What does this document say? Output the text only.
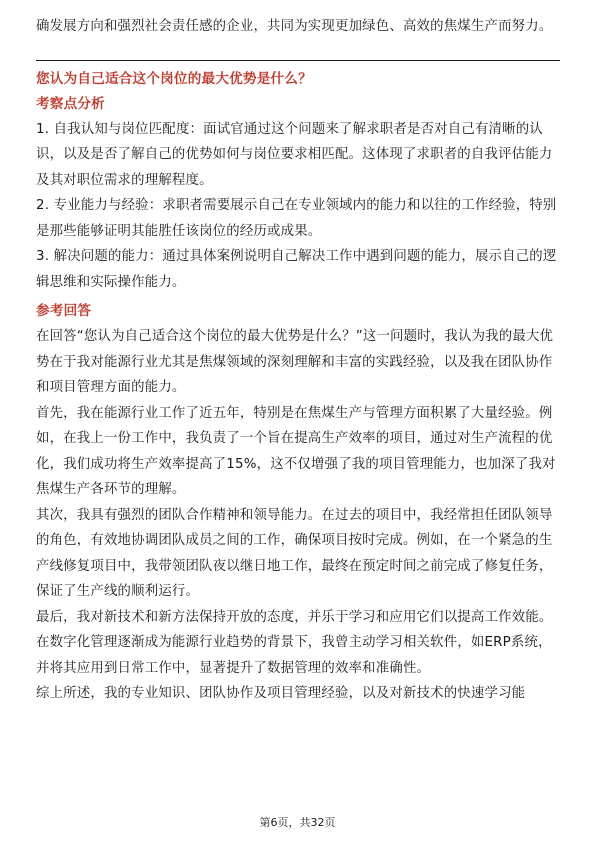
确发展方向和强烈社会责任感的企业，共同为实现更加绿色、高效的焦煤生产而努力。

您认为自己适合这个岗位的最大优势是什么？

考察点分析

1. 自我认知与岗位匹配度：面试官通过这个问题来了解求职者是否对自己有清晰的认识，以及是否了解自己的优势如何与岗位要求相匹配。这体现了求职者的自我评估能力及其对职位需求的理解程度。

2. 专业能力与经验：求职者需要展示自己在专业领域内的能力和以往的工作经验，特别是那些能够证明其能胜任该岗位的经历或成果。

3. 解决问题的能力：通过具体案例说明自己解决工作中遇到问题的能力，展示自己的逻辑思维和实际操作能力。

参考回答

在回答“您认为自己适合这个岗位的最大优势是什么？”这一问题时，我认为我的最大优势在于我对能源行业尤其是焦煤领域的深刻理解和丰富的实践经验，以及我在团队协作和项目管理方面的能力。

首先，我在能源行业工作了近五年，特别是在焦煤生产与管理方面积累了大量经验。例如，在我上一份工作中，我负责了一个旨在提高生产效率的项目，通过对生产流程的优化，我们成功将生产效率提高了15%，这不仅增强了我的项目管理能力，也加深了我对焦煤生产各环节的理解。

其次，我具有强烈的团队合作精神和领导能力。在过去的项目中，我经常担任团队领导的角色，有效地协调团队成员之间的工作，确保项目按时完成。例如，在一个紧急的生产线修复项目中，我带领团队夜以继日地工作，最终在预定时间之前完成了修复任务，保证了生产线的顺利运行。

最后，我对新技术和新方法保持开放的态度，并乐于学习和应用它们以提高工作效能。在数字化管理逐渐成为能源行业趋势的背景下，我曾主动学习相关软件，如ERP系统，并将其应用到日常工作中，显著提升了数据管理的效率和准确性。

综上所述，我的专业知识、团队协作及项目管理经验，以及对新技术的快速学习能

第6页，共32页
